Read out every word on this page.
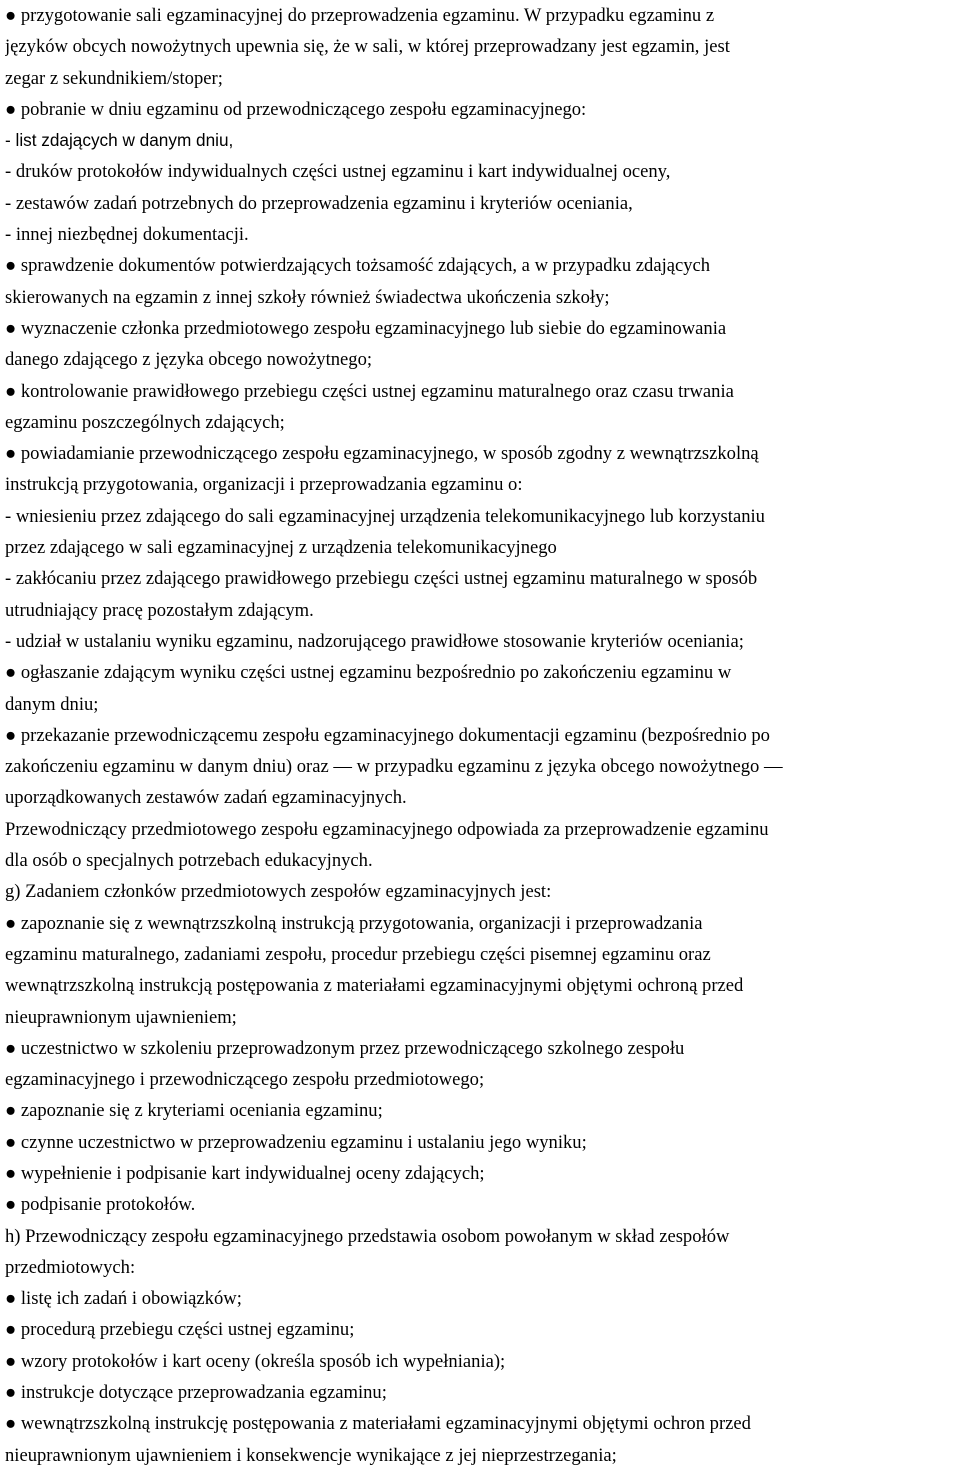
● przygotowanie sali egzaminacyjnej do przeprowadzenia egzaminu. W przypadku egzaminu z
języków obcych nowożytnych upewnia się, że w sali, w której przeprowadzany jest egzamin, jest
zegar z sekundnikiem/stoper;
● pobranie w dniu egzaminu od przewodniczącego zespołu egzaminacyjnego:
- list zdających w danym dniu,
- druków protokołów indywidualnych części ustnej egzaminu i kart indywidualnej oceny,
- zestawów zadań potrzebnych do przeprowadzenia egzaminu i kryteriów oceniania,
- innej niezbędnej dokumentacji.
● sprawdzenie dokumentów potwierdzających tożsamość zdających, a w przypadku zdających
skierowanych na egzamin z innej szkoły również świadectwa ukończenia szkoły;
● wyznaczenie członka przedmiotowego zespołu egzaminacyjnego lub siebie do egzaminowania
danego zdającego z języka obcego nowożytnego;
● kontrolowanie prawidłowego przebiegu części ustnej egzaminu maturalnego oraz czasu trwania
egzaminu poszczególnych zdających;
● powiadamianie przewodniczącego zespołu egzaminacyjnego, w sposób zgodny z wewnątrzszkolną
instrukcją przygotowania, organizacji i przeprowadzania egzaminu o:
- wniesieniu przez zdającego do sali egzaminacyjnej urządzenia telekomunikacyjnego lub korzystaniu
przez zdającego w sali egzaminacyjnej z urządzenia telekomunikacyjnego
- zakłócaniu przez zdającego prawidłowego przebiegu części ustnej egzaminu maturalnego w sposób
utrudniający pracę pozostałym zdającym.
- udział w ustalaniu wyniku egzaminu, nadzorującego prawidłowe stosowanie kryteriów oceniania;
● ogłaszanie zdającym wyniku części ustnej egzaminu bezpośrednio po zakończeniu egzaminu w
danym dniu;
● przekazanie przewodniczącemu zespołu egzaminacyjnego dokumentacji egzaminu (bezpośrednio po
zakończeniu egzaminu w danym dniu) oraz — w przypadku egzaminu z języka obcego nowożytnego —
uporządkowanych zestawów zadań egzaminacyjnych.
Przewodniczący przedmiotowego zespołu egzaminacyjnego odpowiada za przeprowadzenie egzaminu
dla osób o specjalnych potrzebach edukacyjnych.
g) Zadaniem członków przedmiotowych zespołów egzaminacyjnych jest:
● zapoznanie się z wewnątrzszkolną instrukcją przygotowania, organizacji i przeprowadzania
egzaminu maturalnego, zadaniami zespołu, procedur przebiegu części pisemnej egzaminu oraz
wewnątrzszkolną instrukcją postępowania z materiałami egzaminacyjnymi objętymi ochroną przed
nieuprawnionym ujawnieniem;
● uczestnictwo w szkoleniu przeprowadzonym przez przewodniczącego szkolnego zespołu
egzaminacyjnego i przewodniczącego zespołu przedmiotowego;
● zapoznanie się z kryteriami oceniania egzaminu;
● czynne uczestnictwo w przeprowadzeniu egzaminu i ustalaniu jego wyniku;
● wypełnienie i podpisanie kart indywidualnej oceny zdających;
● podpisanie protokołów.
h) Przewodniczący zespołu egzaminacyjnego przedstawia osobom powołanym w skład zespołów
przedmiotowych:
● listę ich zadań i obowiązków;
● procedurą przebiegu części ustnej egzaminu;
● wzory protokołów i kart oceny (określa sposób ich wypełniania);
● instrukcje dotyczące przeprowadzania egzaminu;
● wewnątrzszkolną instrukcję postępowania z materiałami egzaminacyjnymi objętymi ochron przed
nieuprawnionym ujawnieniem i konsekwencje wynikające z jej nieprzestrzegania;
